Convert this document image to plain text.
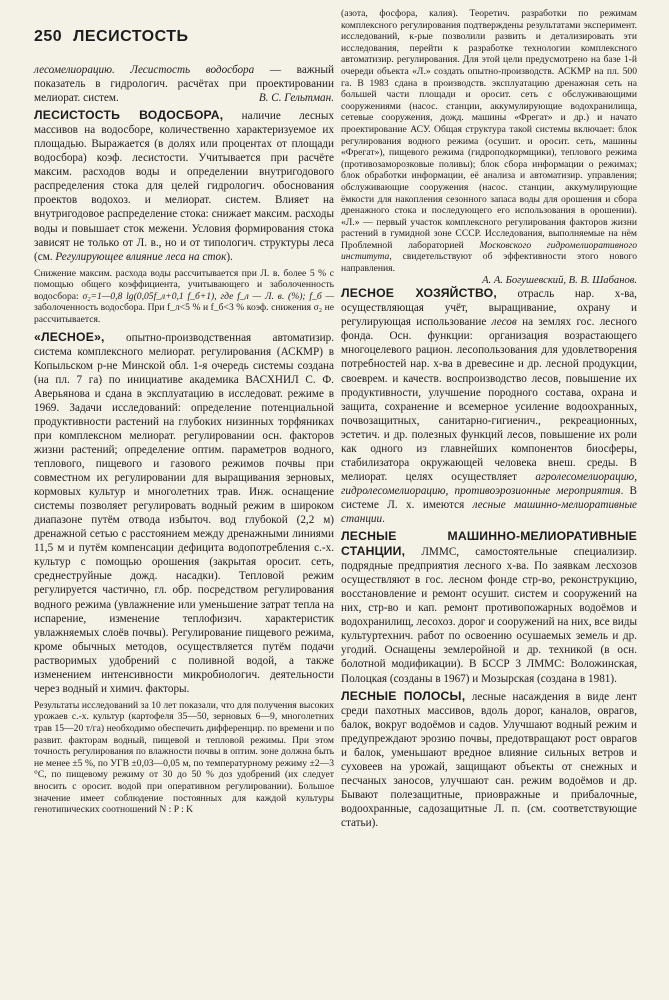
250 ЛЕСИСТОСТЬ

лесомелиорацию. Лесистость водосбора — важный показатель в гидрологич. расчётах при проектировании мелиорат. систем.	В. С. Гельтман.

ЛЕСИСТОСТЬ ВОДОСБОРА, наличие лесных массивов на водосборе, количественно характеризуемое их площадью. Выражается (в долях или процентах от площади водосбора) коэф. лесистости. Учитывается при расчёте максим. расходов воды и определении внутригодового распределения стока для целей гидрологич. обоснования проектов водохоз. и мелиорат. систем. Влияет на внутригодовое распределение стока: снижает максим. расходы воды и повышает сток межени. Условия формирования стока зависят не только от Л. в., но и от типологич. структуры леса (см. Регулирующее влияние леса на сток).

Снижение максим. расхода воды рассчитывается при Л. в. более 5 % с помощью общего коэффициента, учитывающего и заболоченность водосбора: σ₂=1—0,8 lg(0,05f_л+0,1 f_б+1), где f_л — Л. в. (%); f_б — заболоченность водосбора. При f_л<5 % и f_б<3 % коэф. снижения σ₂ не рассчитывается.

«ЛЕСНОЕ», опытно-производственная автоматизир. система комплексного мелиорат. регулирования (АСКМР) в Копыльском р-не Минской обл. 1-я очередь системы создана (на пл. 7 га) по инициативе академика ВАСХНИЛ С. Ф. Аверьянова и сдана в эксплуатацию в исследоват. режиме в 1969. Задачи исследований: определение потенциальной продуктивности растений на глубоких низинных торфяниках при комплексном мелиорат. регулировании осн. факторов жизни растений; определение оптим. параметров водного, теплового, пищевого и газового режимов почвы при совместном их регулировании для выращивания зерновых, кормовых культур и многолетних трав. Инж. оснащение системы позволяет регулировать водный режим в широком диапазоне путём отвода избыточ. вод глубокой (2,2 м) дренажной сетью с расстоянием между дренажными линиями 11,5 м и путём компенсации дефицита водопотребления с.-х. культур с помощью орошения (закрытая оросит. сеть, среднеструйные дожд. насадки). Тепловой режим регулируется частично, гл. обр. посредством регулирования водного режима (увлажнение или уменьшение затрат тепла на испарение, изменение теплофизич. характеристик увлажняемых слоёв почвы). Регулирование пищевого режима, кроме обычных методов, осуществляется путём подачи растворимых удобрений с поливной водой, а также изменением интенсивности микробиологич. деятельности через водный и химич. факторы.

Результаты исследований за 10 лет показали, что для получения высоких урожаев с.-х. культур (картофеля 35—50, зерновых 6—9, многолетних трав 15—20 т/га) необходимо обеспечить дифференцир. по времени и по развит. факторам водный, пищевой и тепловой режимы. При этом точность регулирования по влажности почвы в оптим. зоне должна быть не менее ±5 %, по УГВ ±0,03—0,05 м, по температурному режиму ±2—3 °С, по пищевому режиму от 30 до 50 % доз удобрений (их следует вносить с оросит. водой при оперативном регулировании). Большое значение имеет соблюдение постоянных для каждой культуры генотипических соотношений N : P : K

(азота, фосфора, калия). Теоретич. разработки по режимам комплексного регулирования подтверждены результатами эксперимент. исследований, к-рые позволили развить и детализировать эти исследования, перейти к разработке технологии комплексного автоматизир. регулирования. Для этой цели предусмотрено на базе 1-й очереди объекта «Л.» создать опытно-производств. АСКМР на пл. 500 га. В 1983 сдана в производств. эксплуатацию дренажная сеть на большей части площади и оросит. сеть с обслуживающими сооружениями (насос. станции, аккумулирующие водохранилища, сетевые сооружения, дожд. машины «Фрегат» и др.) и начато проектирование АСУ. Общая структура такой системы включает: блок регулирования водного режима (осушит. и оросит. сеть, машины «Фрегат»), пищевого режима (гидроподкормщики), теплового режима (противозаморозковые поливы); блок сбора информации о режимах; блок обработки информации, её анализа и автоматизир. управления; обслуживающие сооружения (насос. станции, аккумулирующие ёмкости для накопления сезонного запаса воды для орошения и сбора дренажного стока и последующего его использования в орошении). «Л.» — первый участок комплексного регулирования факторов жизни растений в гумидной зоне СССР. Исследования, выполняемые на нём Проблемной лабораторией Московского гидромелиоративного института, свидетельствуют об эффективности этого нового направления.

А. А. Богушевский, В. В. Шабанов.

ЛЕСНОЕ ХОЗЯЙСТВО, отрасль нар. х-ва, осуществляющая учёт, выращивание, охрану и регулирующая использование лесов на землях гос. лесного фонда. Осн. функции: организация возрастающего многоцелевого рацион. лесопользования для удовлетворения потребностей нар. х-ва в древесине и др. лесной продукции, своеврем. и качеств. воспроизводство лесов, повышение их продуктивности, улучшение породного состава, охрана и защита, сохранение и всемерное усиление водоохранных, почвозащитных, санитарно-гигиенич., рекреационных, эстетич. и др. полезных функций лесов, повышение их роли как одного из главнейших компонентов биосферы, стабилизатора окружающей человека внеш. среды. В мелиорат. целях осуществляет агролесомелиорацию, гидролесомелиорацию, противоэрозионные мероприятия. В системе Л. х. имеются лесные машинно-мелиоративные станции.

ЛЕСНЫЕ МАШИННО-МЕЛИОРАТИВНЫЕ СТАНЦИИ, ЛММС, самостоятельные специализир. подрядные предприятия лесного х-ва. По заявкам лесхозов осуществляют в гос. лесном фонде стр-во, реконструкцию, восстановление и ремонт осушит. систем и сооружений на них, стр-во и кап. ремонт противопожарных водоёмов и водохранилищ, лесохоз. дорог и сооружений на них, все виды культуртехнич. работ по освоению осушаемых земель и др. угодий. Оснащены землеройной и др. техникой (в осн. болотной модификации). В БССР 3 ЛММС: Воложинская, Полоцкая (созданы в 1967) и Мозырская (создана в 1981).

ЛЕСНЫЕ ПОЛОСЫ, лесные насаждения в виде лент среди пахотных массивов, вдоль дорог, каналов, оврагов, балок, вокруг водоёмов и садов. Улучшают водный режим и предупреждают эрозию почвы, предотвращают рост оврагов и балок, уменьшают вредное влияние сильных ветров и суховеев на урожай, защищают объекты от снежных и песчаных заносов, улучшают сан. режим водоёмов и др. Бывают полезащитные, приовражные и прибалочные, водоохранные, садозащитные Л. п. (см. соответствующие статьи).
